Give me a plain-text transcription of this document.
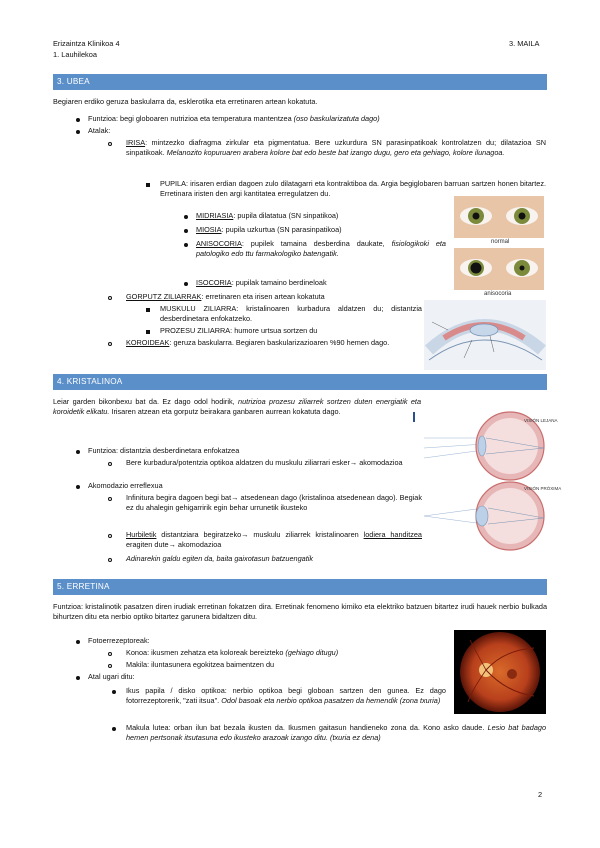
Erizaintza Klinikoa 4
1. Lauhilekoa
3. MAILA
3. UBEA
Begiaren erdiko geruza baskularra da, esklerotika eta erretinaren artean kokatuta.
Funtzioa: begi globoaren nutrizioa eta temperatura mantentzea (oso baskularizatuta dago)
Atalak:
IRISA: mintzezko diafragma zirkular eta pigmentatua. Bere uzkurdura SN parasinpatikoak kontrolatzen du; dilatazioa SN sinpatikoak. Melanozito kopuruaren arabera kolore bat edo beste bat izango dugu, gero eta gehiago, kolore ilunagoa.
PUPILA: irisaren erdian dagoen zulo dilatagarri eta kontraktiboa da. Argia begiglobaren barruan sartzen honen bitartez. Erretinara iristen den argi kantitatea erregulatzen du.
MIDRIASIA: pupila dilatatua (SN sinpatikoa)
MIOSIA: pupila uzkurtua (SN parasinpatikoa)
ANISOCORIA: pupilek tamaina desberdina daukate, fisiologikoki eta patologiko edo ttu farmakologiko batengatik.
ISOCORIA: pupilak tamaino berdineloak
GORPUTZ ZILIARRAK: erretinaren eta irisen artean kokatuta
MUSKULU ZILIARRA: kristalinoaren kurbadura aldatzen du; distantzia desberdinetara enfokatzeko.
PROZESU ZILIARRA: humore urtsua sortzen du
KOROIDEAK: geruza baskularra. Begiaren baskularizazioaren %90 hemen dago.
normal
anisocoria
4. KRISTALINOA
Leiar garden bikonbexu bat da. Ez dago odol hodirik, nutrizioa prozesu ziliarrek sortzen duten energiatik eta koroidetik elikatu. Irisaren atzean eta gorputz beirakara ganbaren aurrean kokatuta dago.
Funtzioa: distantzia desberdinetara enfokatzea
Bere kurbadura/potentzia optikoa aldatzen du muskulu ziliarrari esker→ akomodazioa
Akomodazio erreflexua
Infinitura begira dagoen begi bat→ atsedenean dago (kristalinoa atsedenean dago). Begiak ez du ahalegin gehigarririk egin behar urrunetik ikusteko
Hurbiletik distantziara begiratzeko→ muskulu ziliarrek kristalinoaren lodiera handitzea eragiten dute→ akomodazioa
Adinarekin galdu egiten da, baita gaixotasun batzuengatik
VISIÓN LEJANA
VISIÓN PRÓXIMA
5. ERRETINA
Funtzioa: kristalinotik pasatzen diren irudiak erretinan fokatzen dira. Erretinak fenomeno kimiko eta elektriko batzuen bitartez irudi hauek nerbio bulkada bihurtzen ditu eta nerbio optiko bitartez garunera bidaltzen ditu.
Fotoerrezeptoreak:
Konoa: ikusmen zehatza eta koloreak bereizteko (gehiago ditugu)
Makila: iluntasunera egokitzea baimentzen du
Atal ugari ditu:
Ikus papila / disko optikoa: nerbio optikoa begi globoan sartzen den gunea. Ez dago fotorrezeptorerik, "zati itsua". Odol basoak eta nerbio optikoa pasatzen da hemendik (zona txuria)
Makula lutea: orban ilun bat bezala ikusten da. Ikusmen gaitasun handieneko zona da. Kono asko daude. Lesio bat badago hemen pertsonak itsutasuna edo ikusteko arazoak izango ditu. (txuria ez dena)
2
